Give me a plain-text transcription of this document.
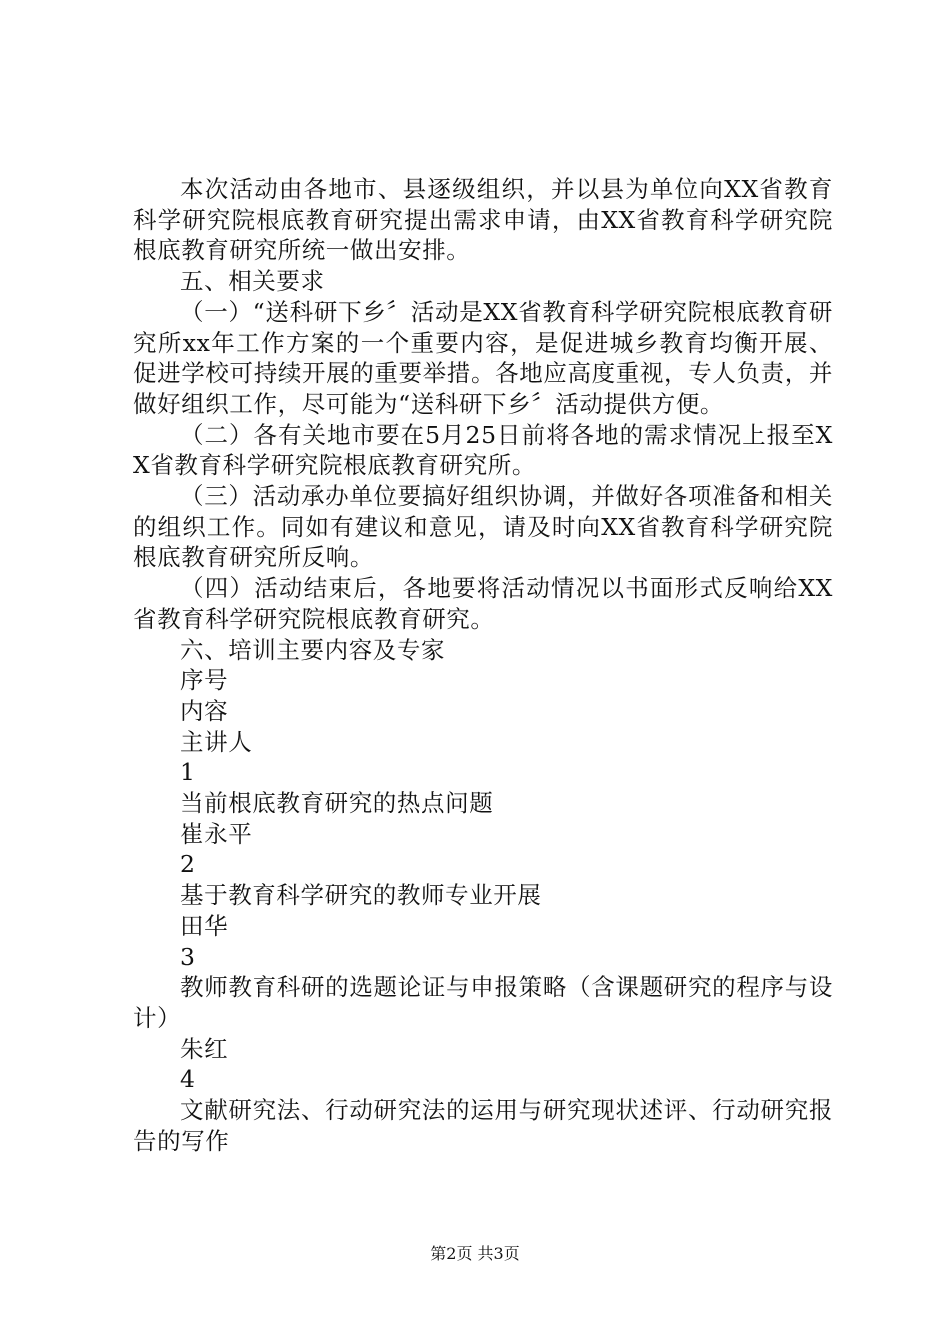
本次活动由各地市、县逐级组织，并以县为单位向XX省教育科学研究院根底教育研究提出需求申请，由XX省教育科学研究院根底教育研究所统一做出安排。

五、相关要求

（一）“送科研下乡〞活动是XX省教育科学研究院根底教育研究所xx年工作方案的一个重要内容，是促进城乡教育均衡开展、促进学校可持续开展的重要举措。各地应高度重视，专人负责，并做好组织工作，尽可能为“送科研下乡〞活动提供方便。

（二）各有关地市要在5月25日前将各地的需求情况上报至XX省教育科学研究院根底教育研究所。

（三）活动承办单位要搞好组织协调，并做好各项准备和相关的组织工作。同如有建议和意见，请及时向XX省教育科学研究院根底教育研究所反响。

（四）活动结束后，各地要将活动情况以书面形式反响给XX省教育科学研究院根底教育研究。

六、培训主要内容及专家

序号

内容

主讲人

1

当前根底教育研究的热点问题

崔永平

2

基于教育科学研究的教师专业开展

田华

3

教师教育科研的选题论证与申报策略（含课题研究的程序与设计）

朱红

4

文献研究法、行动研究法的运用与研究现状述评、行动研究报告的写作

第2页 共3页
